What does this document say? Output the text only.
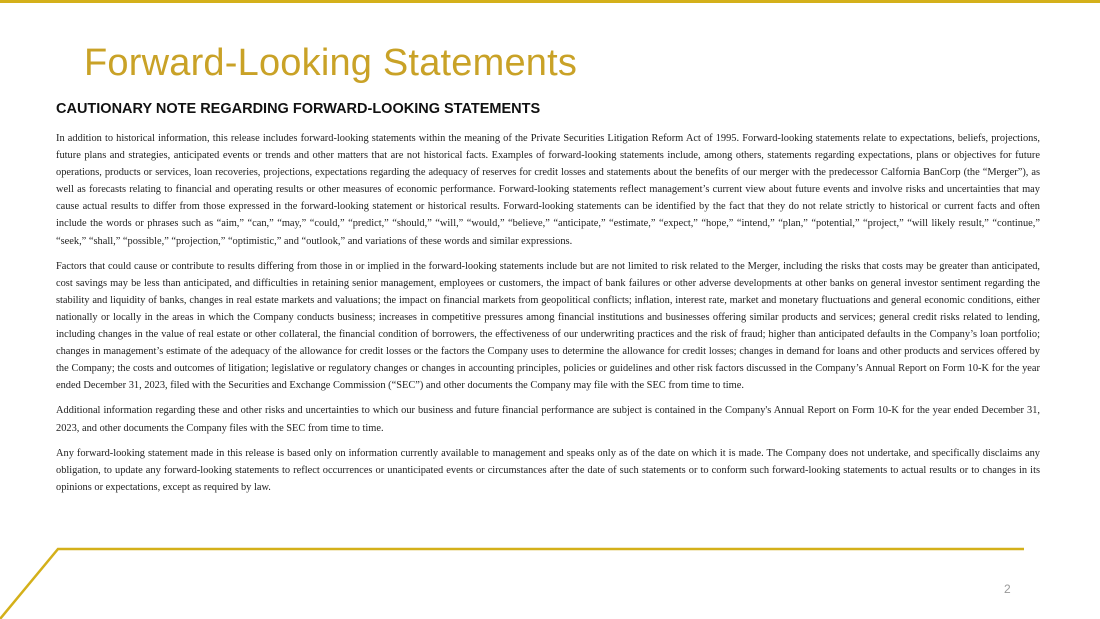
Forward-Looking Statements
CAUTIONARY NOTE REGARDING FORWARD-LOOKING STATEMENTS

In addition to historical information, this release includes forward-looking statements within the meaning of the Private Securities Litigation Reform Act of 1995. Forward-looking statements relate to expectations, beliefs, projections, future plans and strategies, anticipated events or trends and other matters that are not historical facts. Examples of forward-looking statements include, among others, statements regarding expectations, plans or objectives for future operations, products or services, loan recoveries, projections, expectations regarding the adequacy of reserves for credit losses and statements about the benefits of our merger with the predecessor Calfornia BanCorp (the “Merger”), as well as forecasts relating to financial and operating results or other measures of economic performance. Forward-looking statements reflect management’s current view about future events and involve risks and uncertainties that may cause actual results to differ from those expressed in the forward-looking statement or historical results. Forward-looking statements can be identified by the fact that they do not relate strictly to historical or current facts and often include the words or phrases such as “aim,” “can,” “may,” “could,” “predict,” “should,” “will,” “would,” “believe,” “anticipate,” “estimate,” “expect,” “hope,” “intend,” “plan,” “potential,” “project,” “will likely result,” “continue,” “seek,” “shall,” “possible,” “projection,” “optimistic,” and “outlook,” and variations of these words and similar expressions.

Factors that could cause or contribute to results differing from those in or implied in the forward-looking statements include but are not limited to risk related to the Merger, including the risks that costs may be greater than anticipated, cost savings may be less than anticipated, and difficulties in retaining senior management, employees or customers, the impact of bank failures or other adverse developments at other banks on general investor sentiment regarding the stability and liquidity of banks, changes in real estate markets and valuations; the impact on financial markets from geopolitical conflicts; inflation, interest rate, market and monetary fluctuations and general economic conditions, either nationally or locally in the areas in which the Company conducts business; increases in competitive pressures among financial institutions and businesses offering similar products and services; general credit risks related to lending, including changes in the value of real estate or other collateral, the financial condition of borrowers, the effectiveness of our underwriting practices and the risk of fraud; higher than anticipated defaults in the Company’s loan portfolio; changes in management’s estimate of the adequacy of the allowance for credit losses or the factors the Company uses to determine the allowance for credit losses; changes in demand for loans and other products and services offered by the Company; the costs and outcomes of litigation; legislative or regulatory changes or changes in accounting principles, policies or guidelines and other risk factors discussed in the Company’s Annual Report on Form 10-K for the year ended December 31, 2023, filed with the Securities and Exchange Commission (“SEC”) and other documents the Company may file with the SEC from time to time.

Additional information regarding these and other risks and uncertainties to which our business and future financial performance are subject is contained in the Company's Annual Report on Form 10-K for the year ended December 31, 2023, and other documents the Company files with the SEC from time to time.

Any forward-looking statement made in this release is based only on information currently available to management and speaks only as of the date on which it is made. The Company does not undertake, and specifically disclaims any obligation, to update any forward-looking statements to reflect occurrences or unanticipated events or circumstances after the date of such statements or to conform such forward-looking statements to actual results or to changes in its opinions or expectations, except as required by law.

2
